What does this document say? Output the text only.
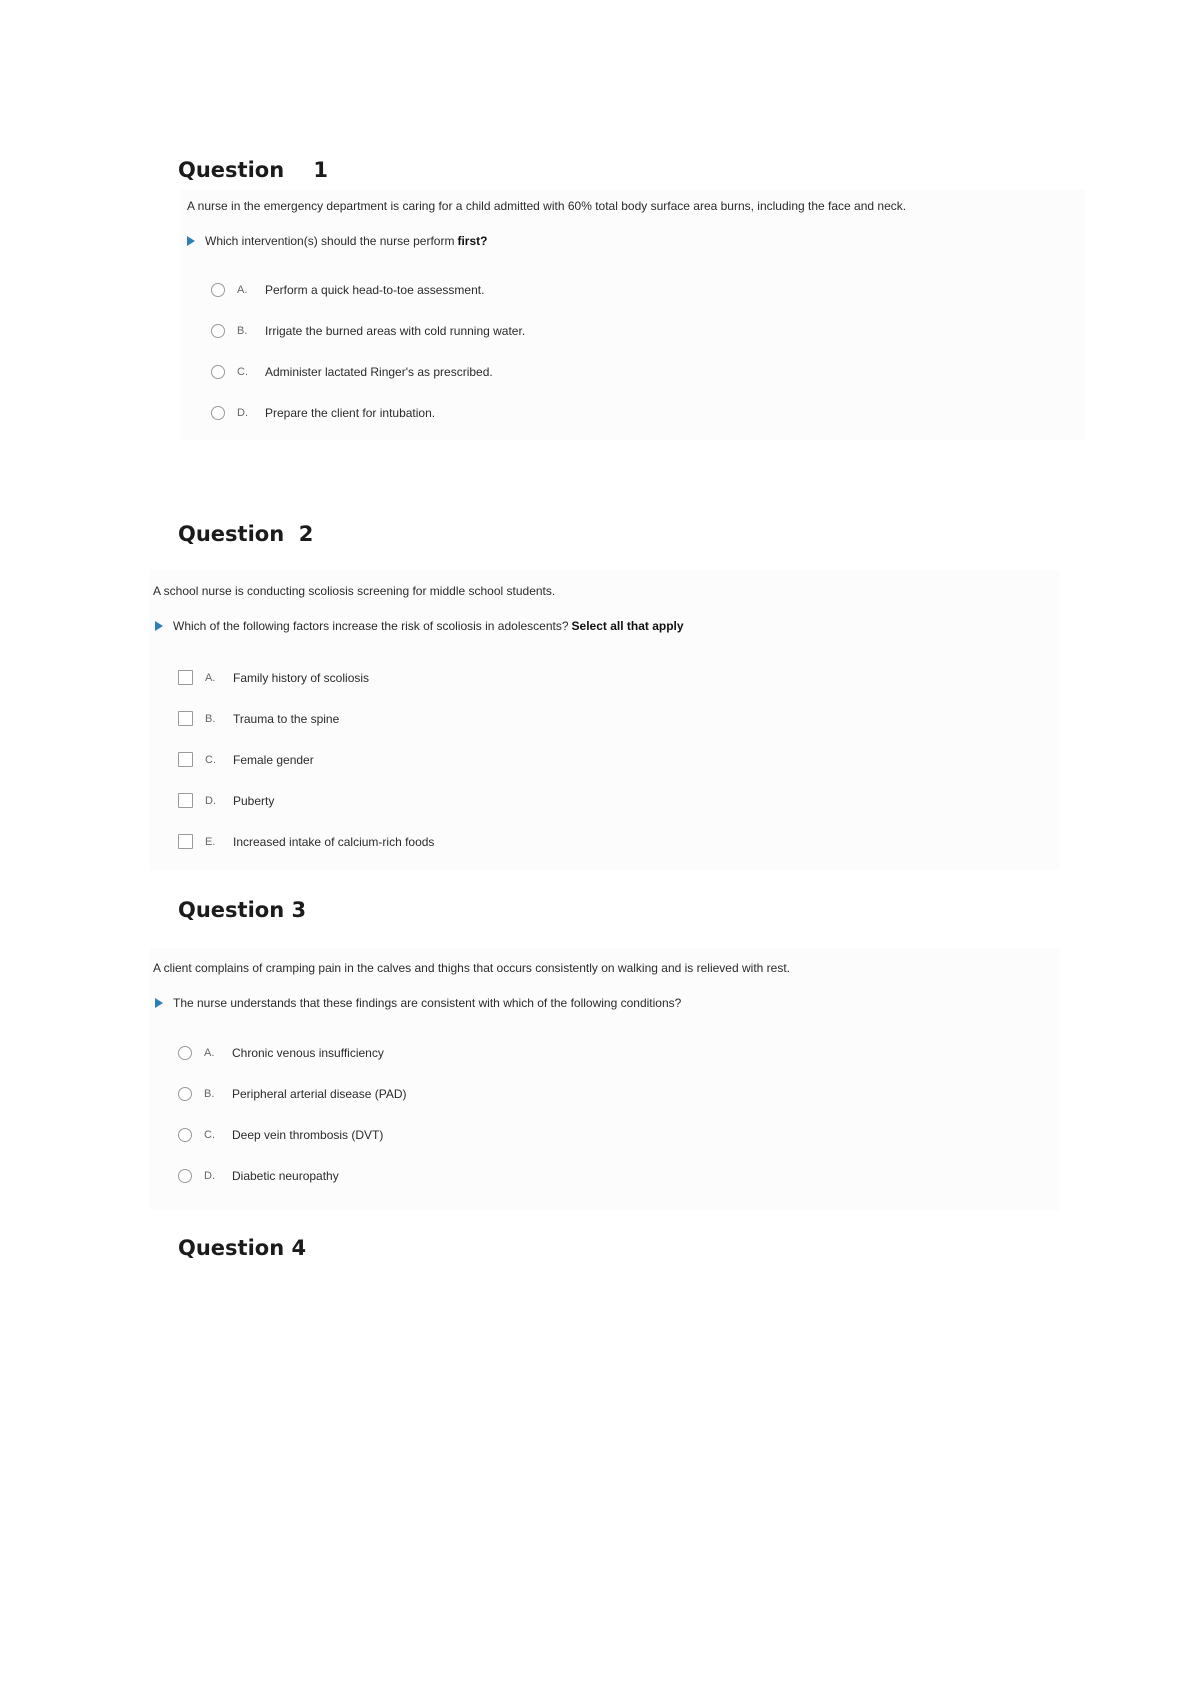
Question    1
A nurse in the emergency department is caring for a child admitted with 60% total body surface area burns, including the face and neck.
Which intervention(s) should the nurse perform first?
A.	Perform a quick head-to-toe assessment.
B.	Irrigate the burned areas with cold running water.
C.	Administer lactated Ringer's as prescribed.
D.	Prepare the client for intubation.
Question  2
A school nurse is conducting scoliosis screening for middle school students.
Which of the following factors increase the risk of scoliosis in adolescents? Select all that apply
A.	Family history of scoliosis
B.	Trauma to the spine
C.	Female gender
D.	Puberty
E.	Increased intake of calcium-rich foods
Question 3
A client complains of cramping pain in the calves and thighs that occurs consistently on walking and is relieved with rest.
The nurse understands that these findings are consistent with which of the following conditions?
A.	Chronic venous insufficiency
B.	Peripheral arterial disease (PAD)
C.	Deep vein thrombosis (DVT)
D.	Diabetic neuropathy
Question 4
